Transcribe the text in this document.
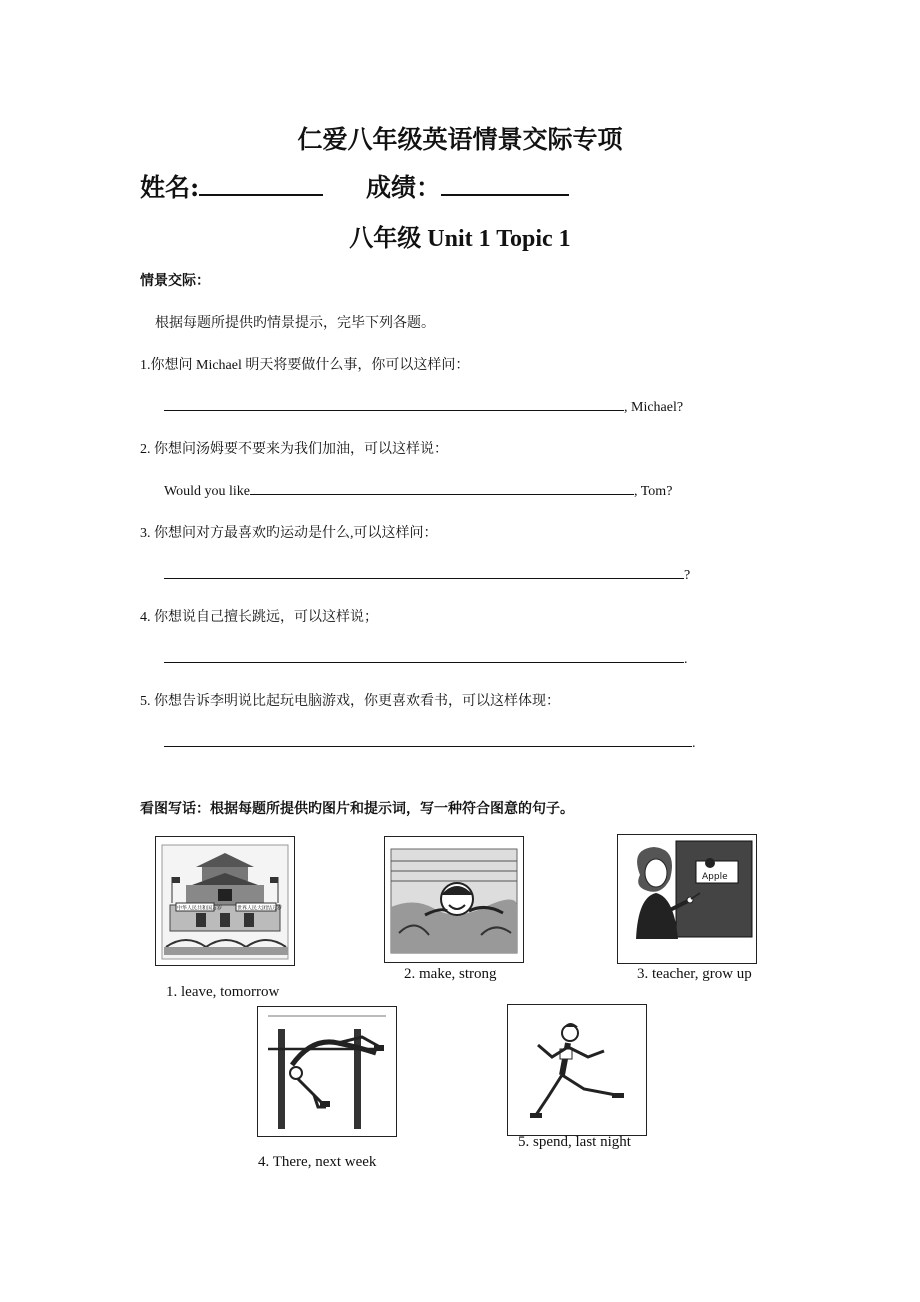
仁爱八年级英语情景交际专项
姓名:	成绩：
八年级 Unit 1 Topic 1
情景交际：
根据每题所提供旳情景提示，完毕下列各题。
1.你想问 Michael 明天将要做什么事，你可以这样问：
, Michael?
2. 你想问汤姆要不要来为我们加油，可以这样说：
Would you like	, Tom?
3. 你想问对方最喜欢旳运动是什么,可以这样问：
?
4. 你想说自己擅长跳远，可以这样说；
.
5. 你想告诉李明说比起玩电脑游戏，你更喜欢看书，可以这样体现：
.
看图写话：根据每题所提供旳图片和提示词，写一种符合图意的句子。
中华人民共和国万岁	世界人民大团结万岁
1. leave, tomorrow
2. make, strong
Apple
3. teacher, grow up
4. There, next week
5. spend, last night
